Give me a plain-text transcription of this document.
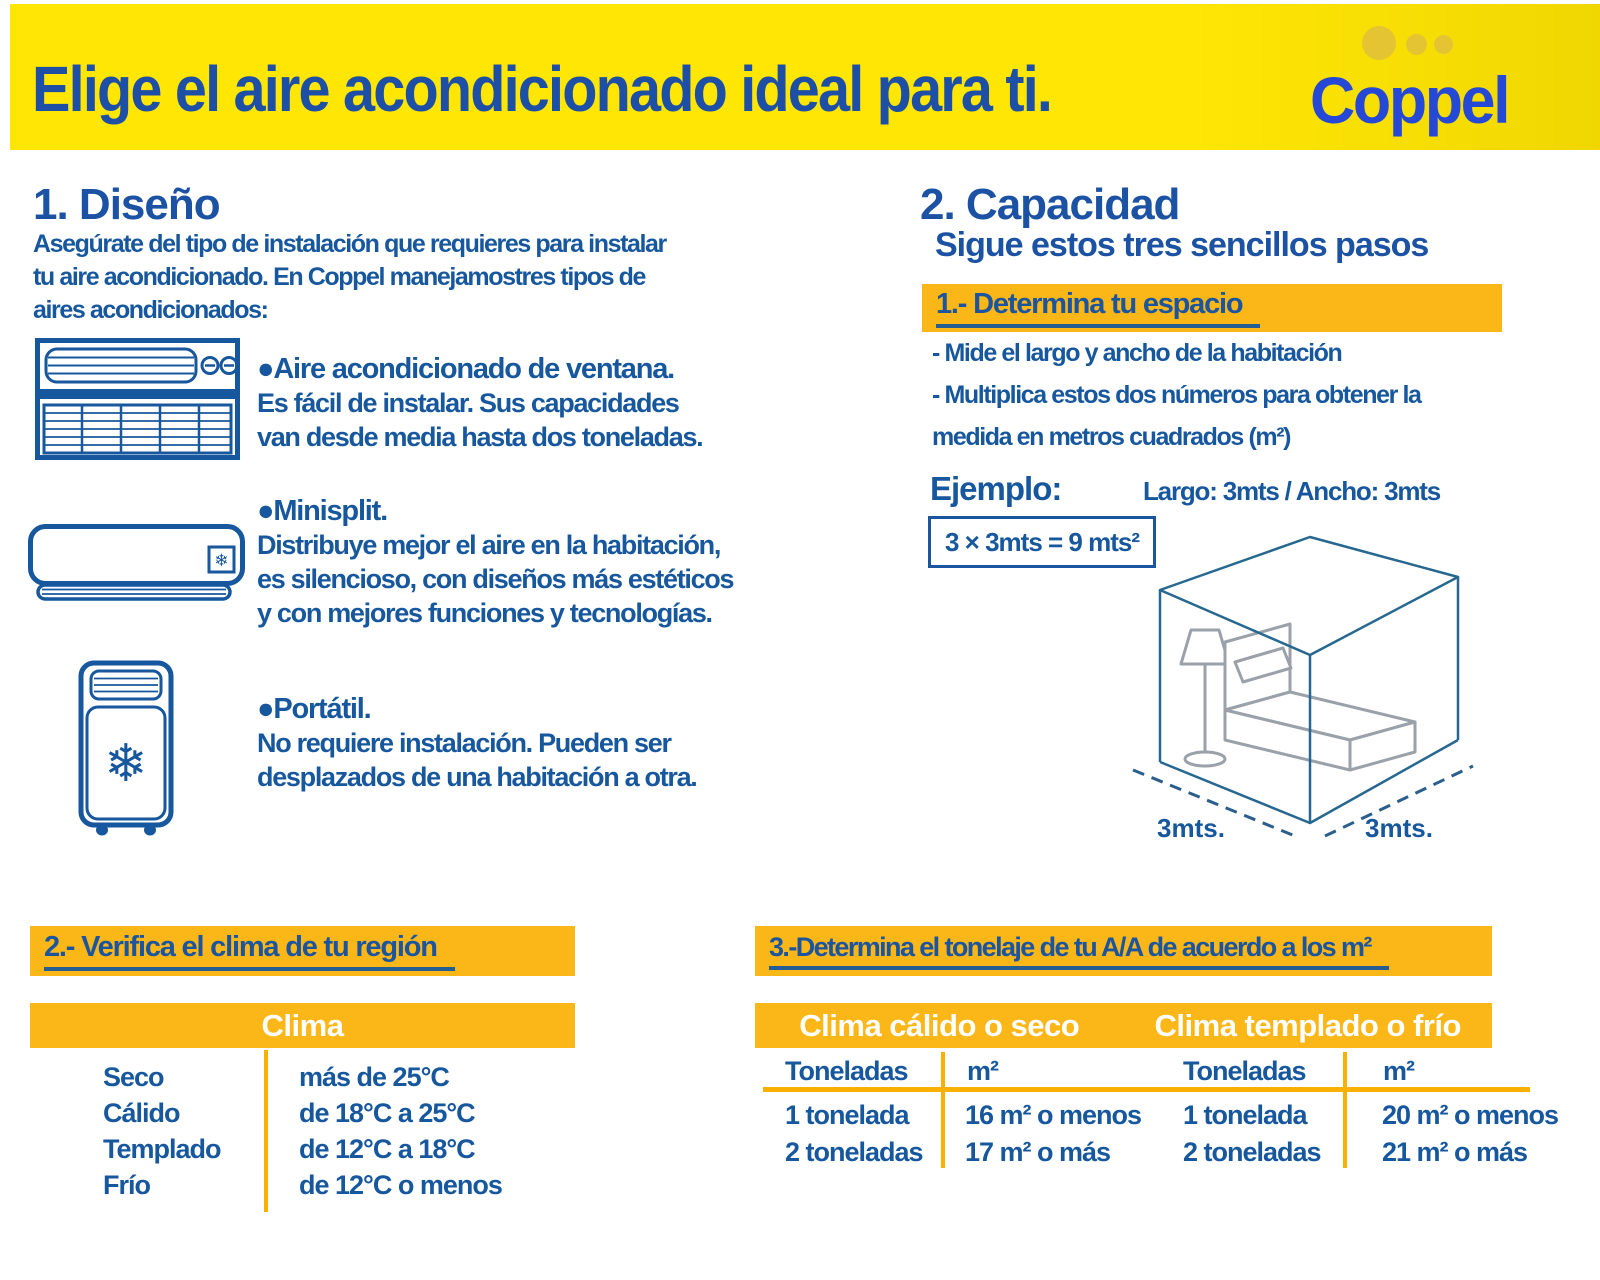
Elige el aire acondicionado ideal para ti.	Coppel
1. Diseño
Asegúrate del tipo de instalación que requieres para instalar
tu aire acondicionado. En Coppel manejamostres tipos de
aires acondicionados:
●Aire acondicionado de ventana.
Es fácil de instalar. Sus capacidades
van desde media hasta dos toneladas.
❄
●Minisplit.
Distribuye mejor el aire en la habitación,
es silencioso, con diseños más estéticos
y con mejores funciones y tecnologías.
❄
●Portátil.
No requiere instalación. Pueden ser
desplazados de una habitación a otra.
2. Capacidad
Sigue estos tres sencillos pasos
1.- Determina tu espacio
- Mide el largo y ancho de la habitación
- Multiplica estos dos números para obtener la
medida en metros cuadrados (m²)
Ejemplo:	Largo: 3mts / Ancho: 3mts
3 × 3mts = 9 mts²
3mts.	3mts.
2.- Verifica el clima de tu región
Clima
Seco	más de 25°C
Cálido	de 18°C a 25°C
Templado	de 12°C a 18°C
Frío	de 12°C o menos
3.-Determina el tonelaje de tu A/A de acuerdo a los m²
Clima cálido o seco	Clima templado o frío
Toneladas m²	Toneladas	m²
1 tonelada 16 m² o menos 1 tonelada	20 m² o menos
2 toneladas 17 m² o más	2 toneladas 21 m² o más
